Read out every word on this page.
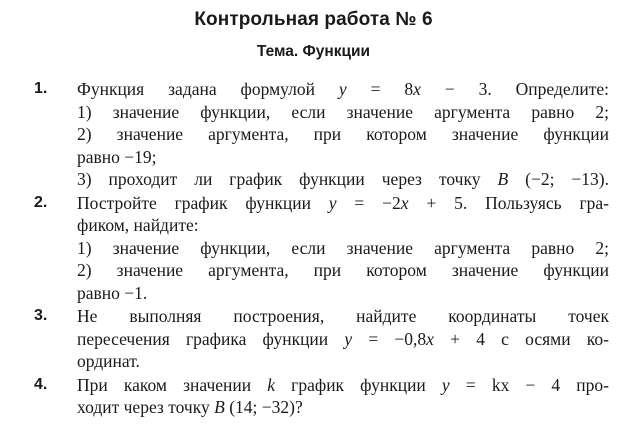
Контрольная работа № 6
Тема. Функции
1. Функция задана формулой y = 8x − 3. Определите:
1) значение функции, если значение аргумента равно 2;
2) значение аргумента, при котором значение функции
равно −19;
3) проходит ли график функции через точку B (−2; −13).
2. Постройте график функции y = −2x + 5. Пользуясь гра-
фиком, найдите:
1) значение функции, если значение аргумента равно 2;
2) значение аргумента, при котором значение функции
равно −1.
3. Не выполняя построения, найдите координаты точек
пересечения графика функции y = −0,8x + 4 с осями ко-
ординат.
4. При каком значении k график функции y = kx − 4 про-
ходит через точку B (14; −32)?
